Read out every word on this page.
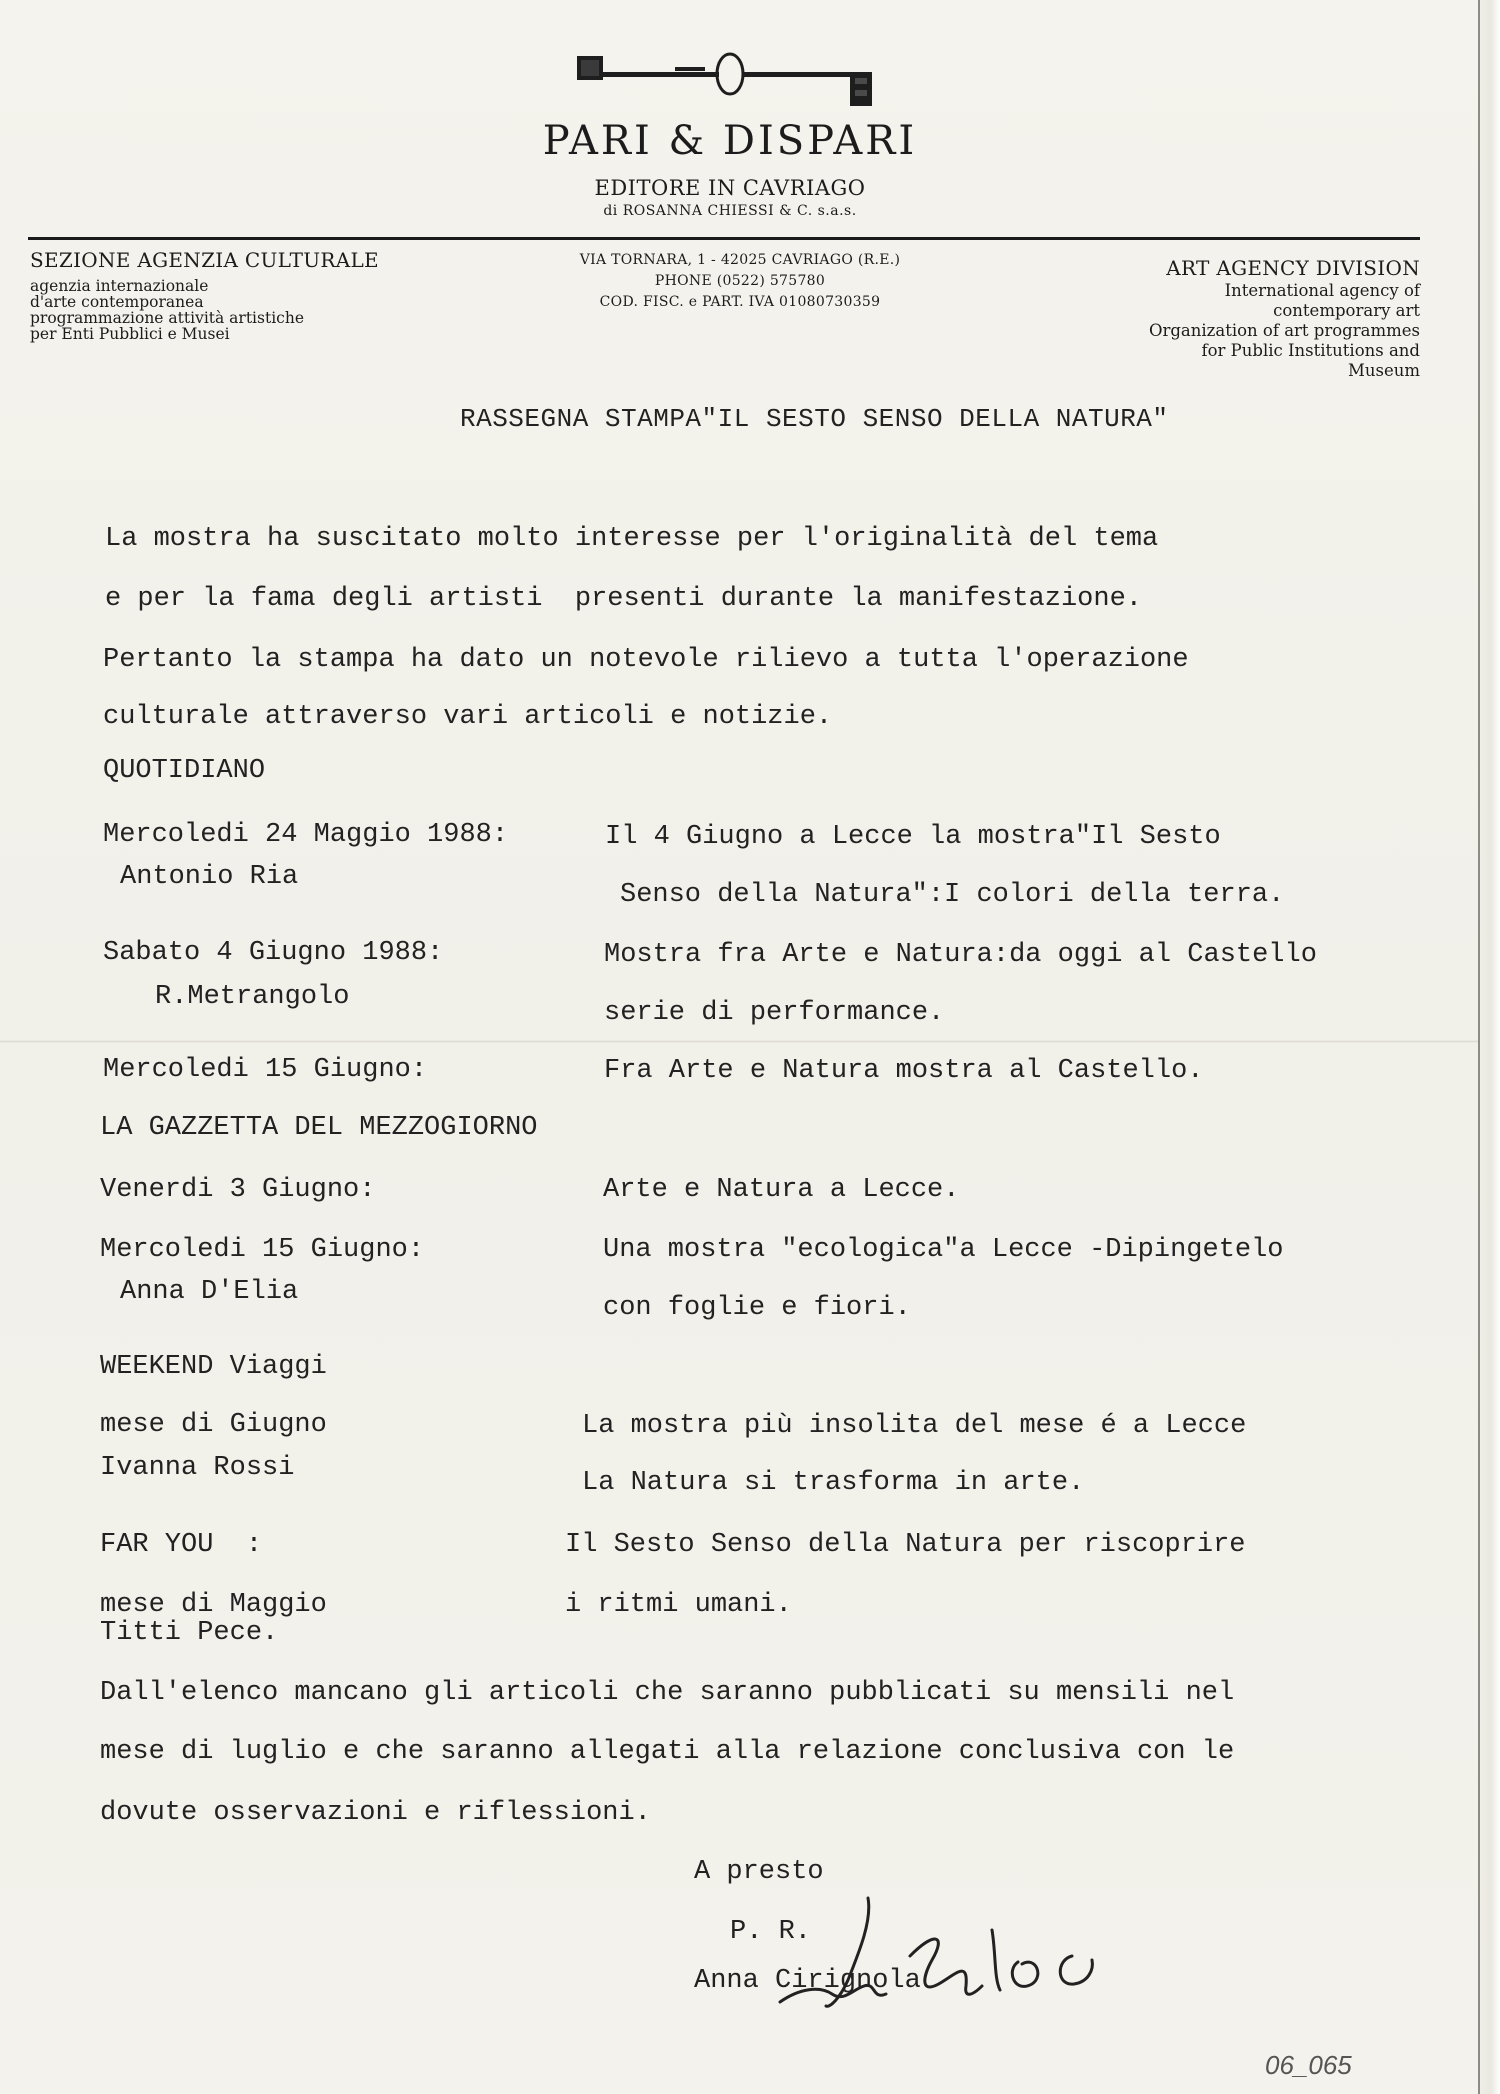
PARI & DISPARI
EDITORE IN CAVRIAGO
di ROSANNA CHIESSI & C. s.a.s.
SEZIONE AGENZIA CULTURALE
agenzia internazionale
d'arte contemporanea
programmazione attività artistiche
per Enti Pubblici e Musei
VIA TORNARA, 1 - 42025 CAVRIAGO (R.E.)
PHONE (0522) 575780
COD. FISC. e PART. IVA 01080730359
ART AGENCY DIVISION
International agency of
contemporary art
Organization of art programmes
for Public Institutions and
Museum
RASSEGNA STAMPA"IL SESTO SENSO DELLA NATURA"
La mostra ha suscitato molto interesse per l'originalità del tema
e per la fama degli artisti  presenti durante la manifestazione.
Pertanto la stampa ha dato un notevole rilievo a tutta l'operazione
culturale attraverso vari articoli e notizie.
QUOTIDIANO
Mercoledi 24 Maggio 1988:
Antonio Ria
Il 4 Giugno a Lecce la mostra"Il Sesto
Senso della Natura":I colori della terra.
Sabato 4 Giugno 1988:
R.Metrangolo
Mostra fra Arte e Natura:da oggi al Castello
serie di performance.
Mercoledi 15 Giugno:	Fra Arte e Natura mostra al Castello.
LA GAZZETTA DEL MEZZOGIORNO
Venerdi 3 Giugno:	Arte e Natura a Lecce.
Mercoledi 15 Giugno:
Anna D'Elia
Una mostra "ecologica"a Lecce -Dipingetelo
con foglie e fiori.
WEEKEND Viaggi
mese di Giugno
Ivanna Rossi
La mostra più insolita del mese é a Lecce
La Natura si trasforma in arte.
FAR YOU  :
mese di Maggio
Titti Pece.
Il Sesto Senso della Natura per riscoprire
i ritmi umani.
Dall'elenco mancano gli articoli che saranno pubblicati su mensili nel
mese di luglio e che saranno allegati alla relazione conclusiva con le
dovute osservazioni e riflessioni.
A presto
P. R.
Anna Cirignola
06_065
